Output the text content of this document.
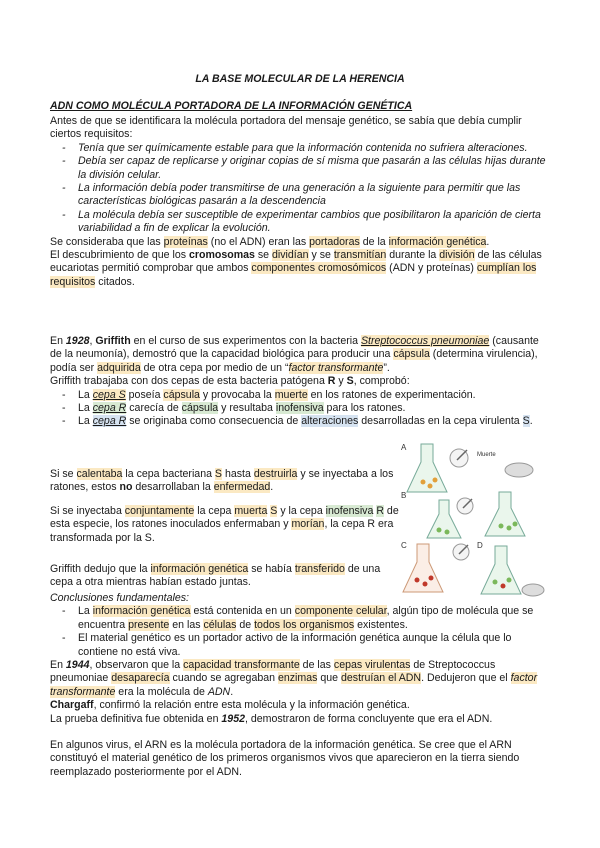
LA BASE MOLECULAR DE LA HERENCIA
ADN COMO MOLÉCULA PORTADORA DE LA INFORMACIÓN GENÉTICA

Antes de que se identificara la molécula portadora del mensaje genético, se sabía que debía cumplir ciertos requisitos:

- Tenía que ser químicamente estable para que la información contenida no sufriera alteraciones.
- Debía ser capaz de replicarse y originar copias de sí misma que pasarán a las células hijas durante la división celular.
- La información debía poder transmitirse de una generación a la siguiente para permitir que las características biológicas pasarán a la descendencia
- La molécula debía ser susceptible de experimentar cambios que posibilitaron la aparición de cierta variabilidad a fin de explicar la evolución.

Se consideraba que las proteínas (no el ADN) eran las portadoras de la información genética.

El descubrimiento de que los cromosomas se dividían y se transmitían durante la división de las células eucariotas permitió comprobar que ambos componentes cromosómicos (ADN y proteínas) cumplían los requisitos citados.

En 1928, Griffith en el curso de sus experimentos con la bacteria Streptococcus pneumoniae (causante de la neumonía), demostró que la capacidad biológica para producir una cápsula (determina virulencia), podía ser adquirida de otra cepa por medio de un “factor transformante”.

Griffith trabajaba con dos cepas de esta bacteria patógena R y S, comprobó:

- La cepa S poseía cápsula y provocaba la muerte en los ratones de experimentación.
- La cepa R carecía de cápsula y resultaba inofensiva para los ratones.
- La cepa R se originaba como consecuencia de alteraciones desarrolladas en la cepa virulenta S.

Si se calentaba la cepa bacteriana S hasta destruirla y se inyectaba a los ratones, estos no desarrollaban la enfermedad.

Si se inyectaba conjuntamente la cepa muerta S y la cepa inofensiva R de esta especie, los ratones inoculados enfermaban y morían, la cepa R era transformada por la S.

Griffith dedujo que la información genética se había transferido de una cepa a otra mientras habían estado juntas.

Conclusiones fundamentales:

- La información genética está contenida en un componente celular, algún tipo de molécula que se encuentra presente en las células de todos los organismos existentes.
- El material genético es un portador activo de la información genética aunque la célula que lo contiene no está viva.

En 1944, observaron que la capacidad transformante de las cepas virulentas de Streptococcus pneumoniae desaparecía cuando se agregaban enzimas que destruían el ADN. Dedujeron que el factor transformante era la molécula de ADN.

Chargaff, confirmó la relación entre esta molécula y la información genética.

La prueba definitiva fue obtenida en 1952, demostraron de forma concluyente que era el ADN.

En algunos virus, el ARN es la molécula portadora de la información genética. Se cree que el ARN constituyó el material genético de los primeros organismos vivos que aparecieron en la tierra siendo reemplazado posteriormente por el ADN.

A
Muerte
B
C	D
